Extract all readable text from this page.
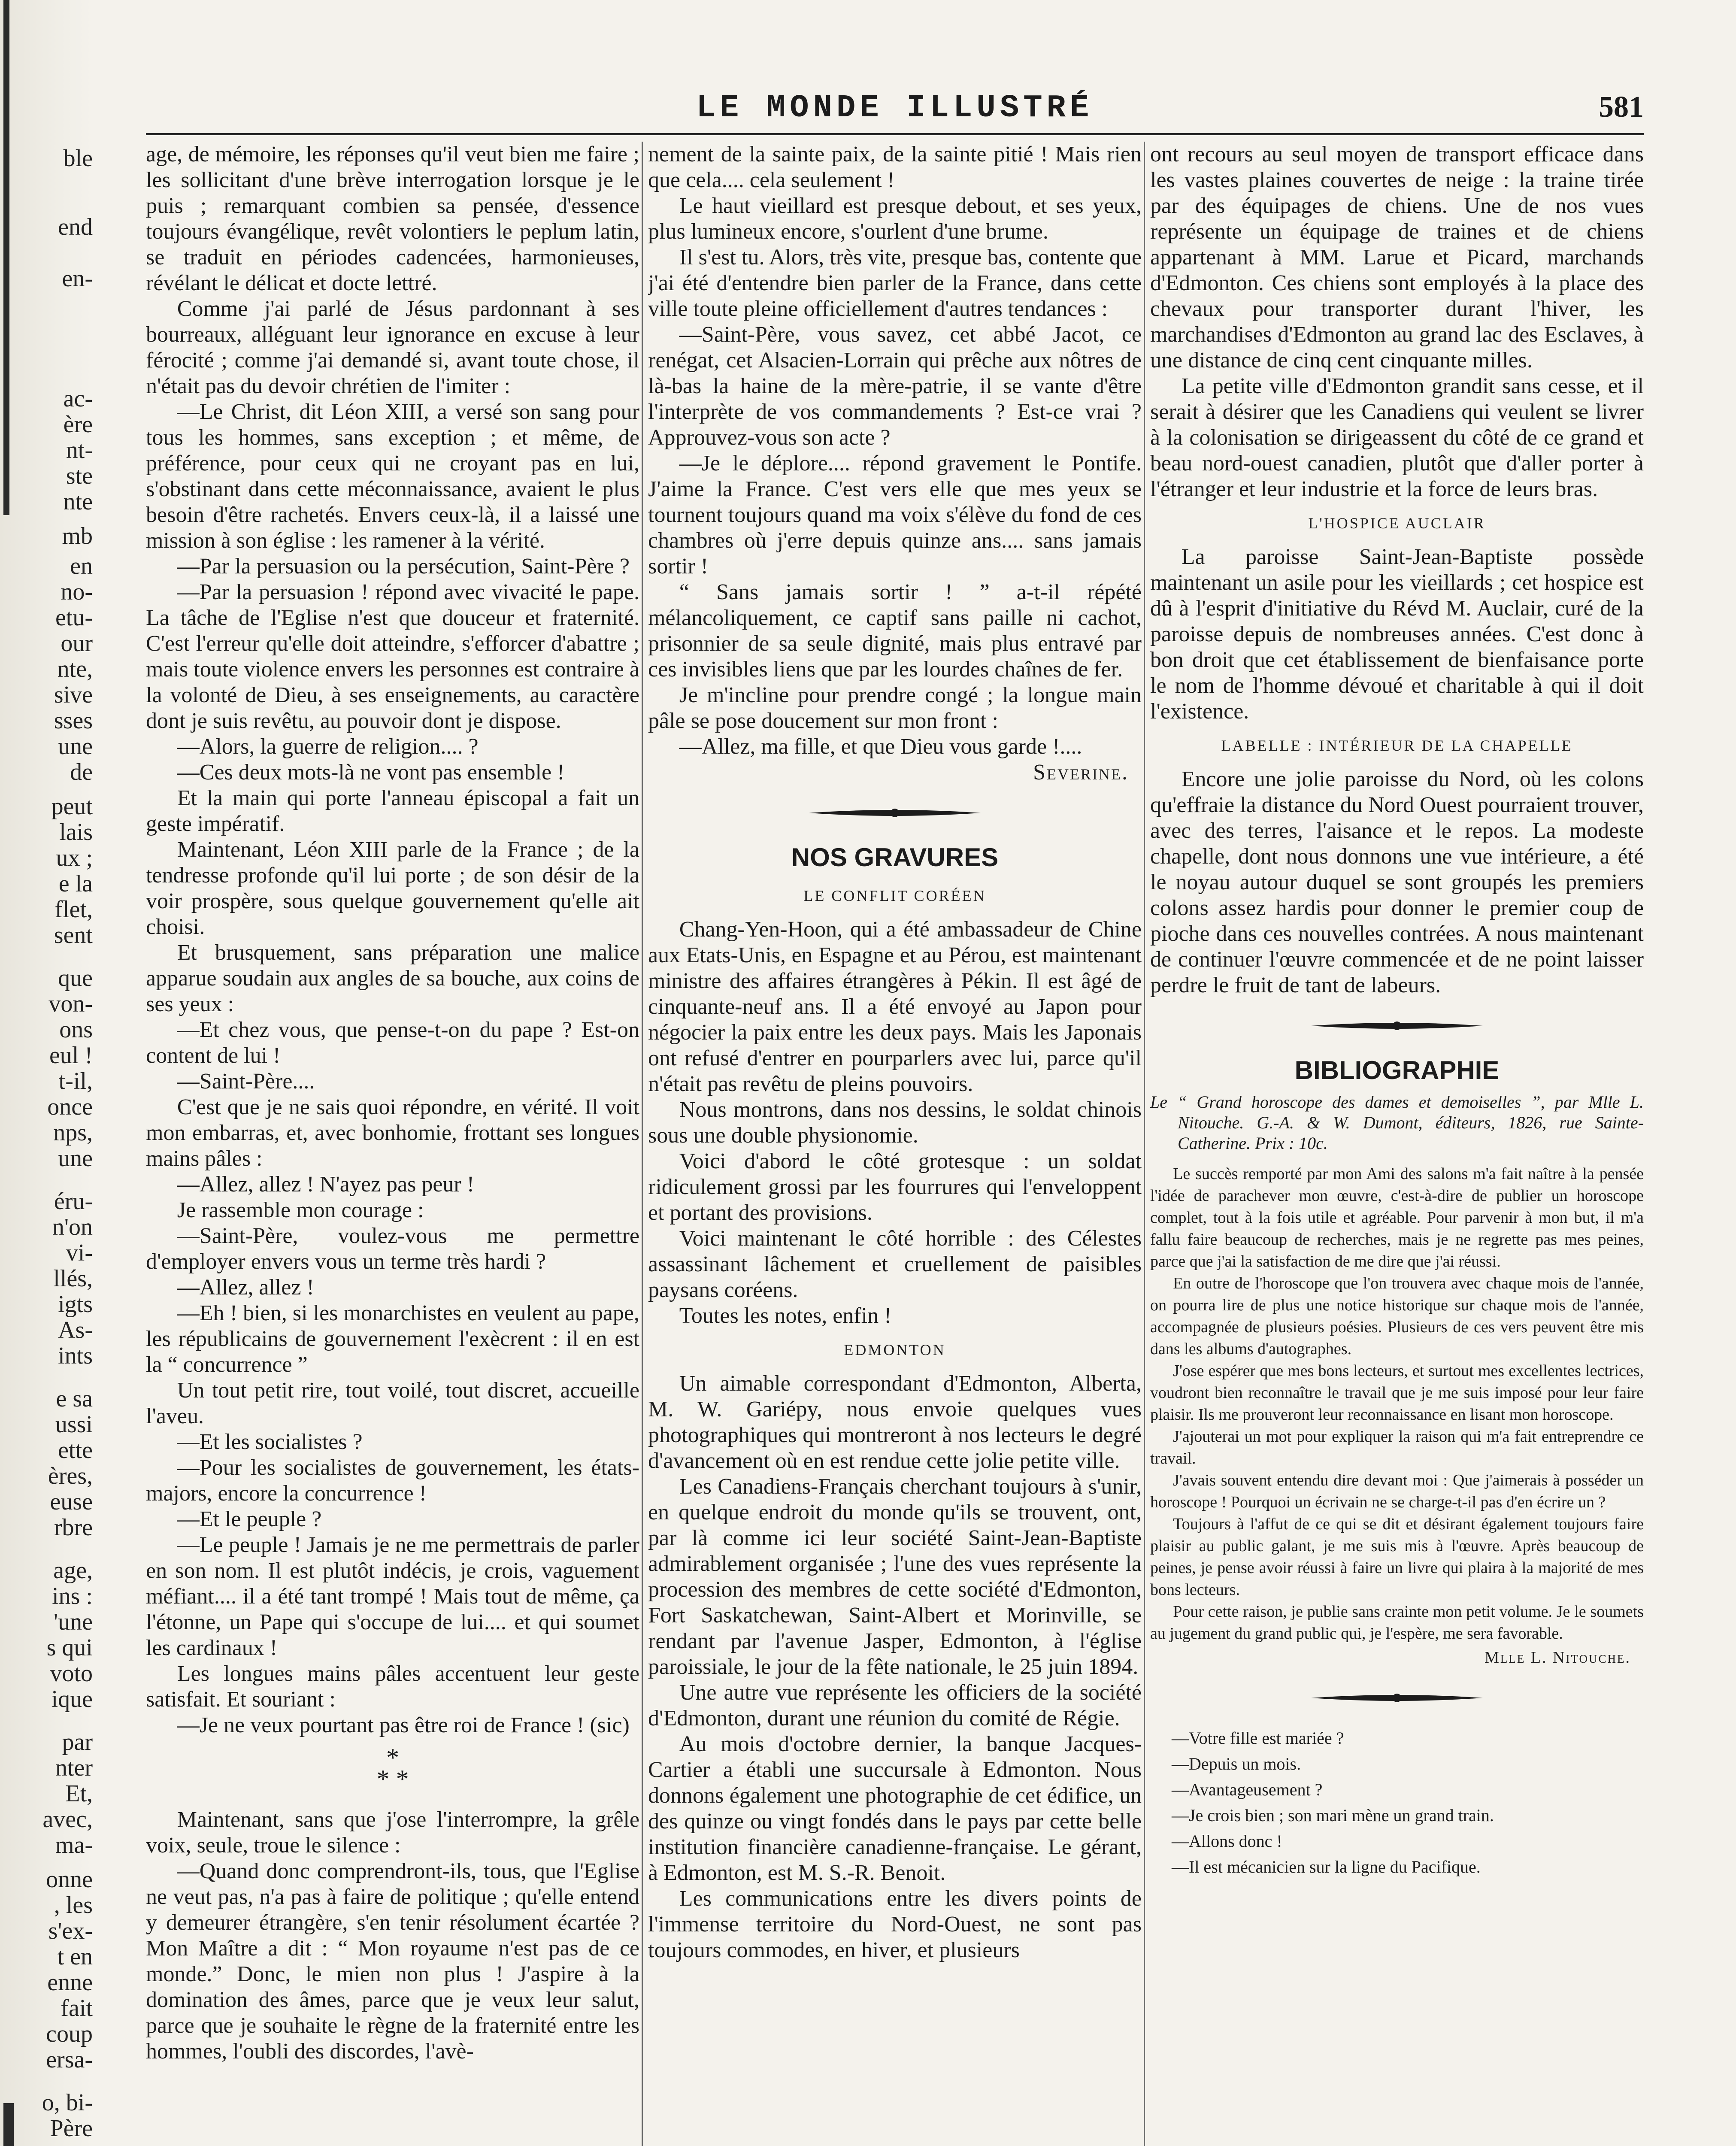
ble
end
en-
ac-
ère
nt-
ste
nte
mb
en
no-
etu-
our
nte,
sive
sses
une
de
peut
lais
ux ;
e la
flet,
sent
que
von-
ons
eul !
t-il,
once
nps,
une
éru-
n'on
vi-
llés,
igts
As-
ints
e sa
ussi
ette
ères,
euse
rbre
age,
ins :
'une
s qui
voto
ique
par
nter
Et,
avec,
ma-
onne
, les
s'ex-
t en
enne
fait
coup
ersa-
o, bi-
Père
LE MONDE ILLUSTRÉ	581

age, de mémoire, les réponses qu'il veut bien me faire ; les sollicitant d'une brève interrogation lorsque je le puis ; remarquant combien sa pensée, d'essence toujours évangélique, revêt volontiers le peplum latin, se traduit en périodes cadencées, harmonieuses, révélant le délicat et docte lettré.

Comme j'ai parlé de Jésus pardonnant à ses bourreaux, alléguant leur ignorance en excuse à leur férocité ; comme j'ai demandé si, avant toute chose, il n'était pas du devoir chrétien de l'imiter :

—Le Christ, dit Léon XIII, a versé son sang pour tous les hommes, sans exception ; et même, de préférence, pour ceux qui ne croyant pas en lui, s'obstinant dans cette méconnaissance, avaient le plus besoin d'être rachetés. Envers ceux-là, il a laissé une mission à son église : les ramener à la vérité.

—Par la persuasion ou la persécution, Saint-Père ?

—Par la persuasion ! répond avec vivacité le pape. La tâche de l'Eglise n'est que douceur et fraternité. C'est l'erreur qu'elle doit atteindre, s'efforcer d'abattre ; mais toute violence envers les personnes est contraire à la volonté de Dieu, à ses enseignements, au caractère dont je suis revêtu, au pouvoir dont je dispose.

—Alors, la guerre de religion.... ?

—Ces deux mots-là ne vont pas ensemble !

Et la main qui porte l'anneau épiscopal a fait un geste impératif.

Maintenant, Léon XIII parle de la France ; de la tendresse profonde qu'il lui porte ; de son désir de la voir prospère, sous quelque gouvernement qu'elle ait choisi.

Et brusquement, sans préparation une malice apparue soudain aux angles de sa bouche, aux coins de ses yeux :

—Et chez vous, que pense-t-on du pape ? Est-on content de lui !

—Saint-Père....

C'est que je ne sais quoi répondre, en vérité. Il voit mon embarras, et, avec bonhomie, frottant ses longues mains pâles :

—Allez, allez ! N'ayez pas peur !

Je rassemble mon courage :

—Saint-Père, voulez-vous me permettre d'employer envers vous un terme très hardi ?

—Allez, allez !

—Eh ! bien, si les monarchistes en veulent au pape, les républicains de gouvernement l'exècrent : il en est la “ concurrence ”

Un tout petit rire, tout voilé, tout discret, accueille l'aveu.

—Et les socialistes ?

—Pour les socialistes de gouvernement, les états-majors, encore la concurrence !

—Et le peuple ?

—Le peuple ! Jamais je ne me permettrais de parler en son nom. Il est plutôt indécis, je crois, vaguement méfiant.... il a été tant trompé ! Mais tout de même, ça l'étonne, un Pape qui s'occupe de lui.... et qui soumet les cardinaux !

Les longues mains pâles accentuent leur geste satisfait. Et souriant :

—Je ne veux pourtant pas être roi de France ! (sic)

*
* *

Maintenant, sans que j'ose l'interrompre, la grêle voix, seule, troue le silence :

—Quand donc comprendront-ils, tous, que l'Eglise ne veut pas, n'a pas à faire de politique ; qu'elle entend y demeurer étrangère, s'en tenir résolument écartée ? Mon Maître a dit : “ Mon royaume n'est pas de ce monde.” Donc, le mien non plus ! J'aspire à la domination des âmes, parce que je veux leur salut, parce que je souhaite le règne de la fraternité entre les hommes, l'oubli des discordes, l'avè-

nement de la sainte paix, de la sainte pitié ! Mais rien que cela.... cela seulement !

Le haut vieillard est presque debout, et ses yeux, plus lumineux encore, s'ourlent d'une brume.

Il s'est tu. Alors, très vite, presque bas, contente que j'ai été d'entendre bien parler de la France, dans cette ville toute pleine officiellement d'autres tendances :

—Saint-Père, vous savez, cet abbé Jacot, ce renégat, cet Alsacien-Lorrain qui prêche aux nôtres de là-bas la haine de la mère-patrie, il se vante d'être l'interprète de vos commandements ? Est-ce vrai ? Approuvez-vous son acte ?

—Je le déplore.... répond gravement le Pontife. J'aime la France. C'est vers elle que mes yeux se tournent toujours quand ma voix s'élève du fond de ces chambres où j'erre depuis quinze ans.... sans jamais sortir !

“ Sans jamais sortir ! ” a-t-il répété mélancoliquement, ce captif sans paille ni cachot, prisonnier de sa seule dignité, mais plus entravé par ces invisibles liens que par les lourdes chaînes de fer.

Je m'incline pour prendre congé ; la longue main pâle se pose doucement sur mon front :

—Allez, ma fille, et que Dieu vous garde !....

Severine.
NOS GRAVURES
LE CONFLIT CORÉEN

Chang-Yen-Hoon, qui a été ambassadeur de Chine aux Etats-Unis, en Espagne et au Pérou, est maintenant ministre des affaires étrangères à Pékin. Il est âgé de cinquante-neuf ans. Il a été envoyé au Japon pour négocier la paix entre les deux pays. Mais les Japonais ont refusé d'entrer en pourparlers avec lui, parce qu'il n'était pas revêtu de pleins pouvoirs.

Nous montrons, dans nos dessins, le soldat chinois sous une double physionomie.

Voici d'abord le côté grotesque : un soldat ridiculement grossi par les fourrures qui l'enveloppent et portant des provisions.

Voici maintenant le côté horrible : des Célestes assassinant lâchement et cruellement de paisibles paysans coréens.

Toutes les notes, enfin !

EDMONTON

Un aimable correspondant d'Edmonton, Alberta, M. W. Gariépy, nous envoie quelques vues photographiques qui montreront à nos lecteurs le degré d'avancement où en est rendue cette jolie petite ville.

Les Canadiens-Français cherchant toujours à s'unir, en quelque endroit du monde qu'ils se trouvent, ont, par là comme ici leur société Saint-Jean-Baptiste admirablement organisée ; l'une des vues représente la procession des membres de cette société d'Edmonton, Fort Saskatchewan, Saint-Albert et Morinville, se rendant par l'avenue Jasper, Edmonton, à l'église paroissiale, le jour de la fête nationale, le 25 juin 1894.

Une autre vue représente les officiers de la société d'Edmonton, durant une réunion du comité de Régie.

Au mois d'octobre dernier, la banque Jacques-Cartier a établi une succursale à Edmonton. Nous donnons également une photographie de cet édifice, un des quinze ou vingt fondés dans le pays par cette belle institution financière canadienne-française. Le gérant, à Edmonton, est M. S.-R. Benoit.

Les communications entre les divers points de l'immense territoire du Nord-Ouest, ne sont pas toujours commodes, en hiver, et plusieurs

ont recours au seul moyen de transport efficace dans les vastes plaines couvertes de neige : la traine tirée par des équipages de chiens. Une de nos vues représente un équipage de traines et de chiens appartenant à MM. Larue et Picard, marchands d'Edmonton. Ces chiens sont employés à la place des chevaux pour transporter durant l'hiver, les marchandises d'Edmonton au grand lac des Esclaves, à une distance de cinq cent cinquante milles.

La petite ville d'Edmonton grandit sans cesse, et il serait à désirer que les Canadiens qui veulent se livrer à la colonisation se dirigeassent du côté de ce grand et beau nord-ouest canadien, plutôt que d'aller porter à l'étranger et leur industrie et la force de leurs bras.

L'HOSPICE AUCLAIR

La paroisse Saint-Jean-Baptiste possède maintenant un asile pour les vieillards ; cet hospice est dû à l'esprit d'initiative du Révd M. Auclair, curé de la paroisse depuis de nombreuses années. C'est donc à bon droit que cet établissement de bienfaisance porte le nom de l'homme dévoué et charitable à qui il doit l'existence.

LABELLE : INTÉRIEUR DE LA CHAPELLE

Encore une jolie paroisse du Nord, où les colons qu'effraie la distance du Nord Ouest pourraient trouver, avec des terres, l'aisance et le repos. La modeste chapelle, dont nous donnons une vue intérieure, a été le noyau autour duquel se sont groupés les premiers colons assez hardis pour donner le premier coup de pioche dans ces nouvelles contrées. A nous maintenant de continuer l'œuvre commencée et de ne point laisser perdre le fruit de tant de labeurs.

BIBLIOGRAPHIE
Le “ Grand horoscope des dames et demoiselles ”, par Mlle L. Nitouche. G.-A. & W. Dumont, éditeurs, 1826, rue Sainte-Catherine. Prix : 10c.

Le succès remporté par mon Ami des salons m'a fait naître à la pensée l'idée de parachever mon œuvre, c'est-à-dire de publier un horoscope complet, tout à la fois utile et agréable. Pour parvenir à mon but, il m'a fallu faire beaucoup de recherches, mais je ne regrette pas mes peines, parce que j'ai la satisfaction de me dire que j'ai réussi.

En outre de l'horoscope que l'on trouvera avec chaque mois de l'année, on pourra lire de plus une notice historique sur chaque mois de l'année, accompagnée de plusieurs poésies. Plusieurs de ces vers peuvent être mis dans les albums d'autographes.

J'ose espérer que mes bons lecteurs, et surtout mes excellentes lectrices, voudront bien reconnaître le travail que je me suis imposé pour leur faire plaisir. Ils me prouveront leur reconnaissance en lisant mon horoscope.

J'ajouterai un mot pour expliquer la raison qui m'a fait entreprendre ce travail.

J'avais souvent entendu dire devant moi : Que j'aimerais à posséder un horoscope ! Pourquoi un écrivain ne se charge-t-il pas d'en écrire un ?

Toujours à l'affut de ce qui se dit et désirant également toujours faire plaisir au public galant, je me suis mis à l'œuvre. Après beaucoup de peines, je pense avoir réussi à faire un livre qui plaira à la majorité de mes bons lecteurs.

Pour cette raison, je publie sans crainte mon petit volume. Je le soumets au jugement du grand public qui, je l'espère, me sera favorable.

Mlle L. Nitouche.
—Votre fille est mariée ?
—Depuis un mois.
—Avantageusement ?
—Je crois bien ; son mari mène un grand train.
—Allons donc !
—Il est mécanicien sur la ligne du Pacifique.
